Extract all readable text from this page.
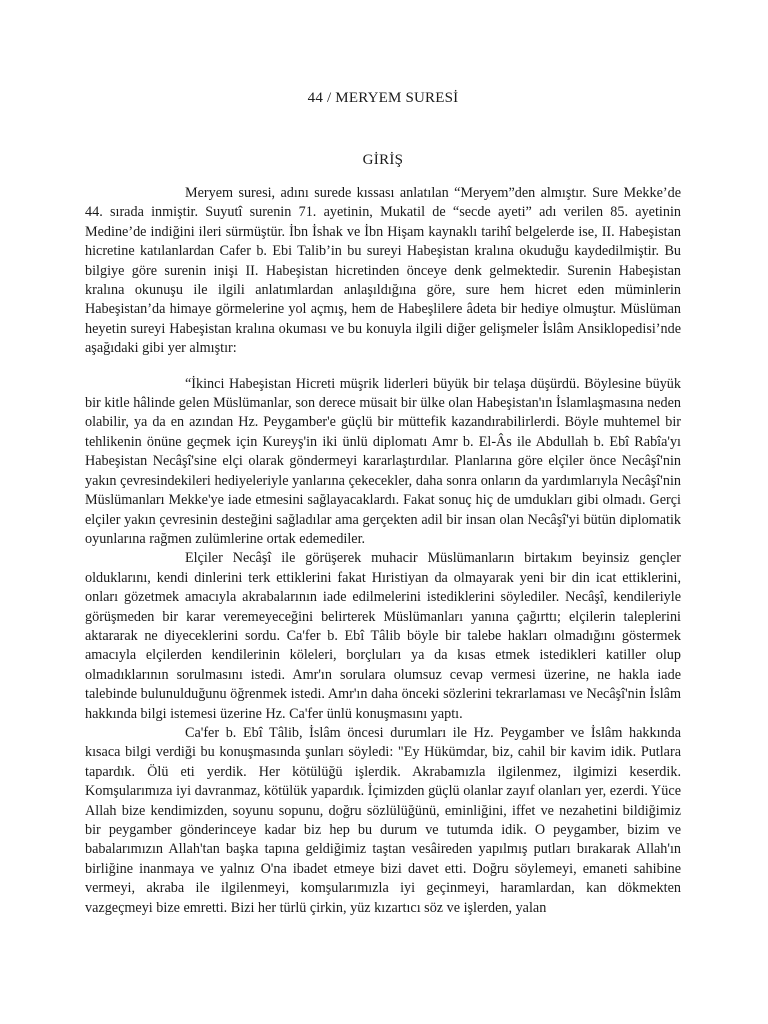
44 / MERYEM SURESİ
GİRİŞ

Meryem suresi, adını surede kıssası anlatılan “Meryem”den almıştır. Sure Mekke’de 44. sırada inmiştir. Suyutî surenin 71. ayetinin, Mukatil de “secde ayeti” adı verilen 85. ayetinin Medine’de indiğini ileri sürmüştür. İbn İshak ve İbn Hişam kaynaklı tarihî belgelerde ise, II. Habeşistan hicretine katılanlardan Cafer b. Ebi Talib’in bu sureyi Habeşistan kralına okuduğu kaydedilmiştir. Bu bilgiye göre surenin inişi II. Habeşistan hicretinden önceye denk gelmektedir. Surenin Habeşistan kralına okunuşu ile ilgili anlatımlardan anlaşıldığına göre, sure hem hicret eden müminlerin Habeşistan’da himaye görmelerine yol açmış, hem de Habeşlilere âdeta bir hediye olmuştur. Müslüman heyetin sureyi Habeşistan kralına okuması ve bu konuyla ilgili diğer gelişmeler İslâm Ansiklopedisi’nde aşağıdaki gibi yer almıştır:

“İkinci Habeşistan Hicreti müşrik liderleri büyük bir telaşa düşürdü. Böylesine büyük bir kitle hâlinde gelen Müslümanlar, son derece müsait bir ülke olan Habeşistan'ın İslamlaşmasına neden olabilir, ya da en azından Hz. Peygamber'e güçlü bir müttefik kazandırabilirlerdi. Böyle muhtemel bir tehlikenin önüne geçmek için Kureyş'in iki ünlü diplomatı Amr b. El-Âs ile Abdullah b. Ebî Rabîa'yı Habeşistan Necâşî'sine elçi olarak göndermeyi kararlaştırdılar. Planlarına göre elçiler önce Necâşî'nin yakın çevresindekileri hediyeleriyle yanlarına çekecekler, daha sonra onların da yardımlarıyla Necâşî'nin Müslümanları Mekke'ye iade etmesini sağlayacaklardı. Fakat sonuç hiç de umdukları gibi olmadı. Gerçi elçiler yakın çevresinin desteğini sağladılar ama gerçekten adil bir insan olan Necâşî'yi bütün diplomatik oyunlarına rağmen zulümlerine ortak edemediler.

Elçiler Necâşî ile görüşerek muhacir Müslümanların birtakım beyinsiz gençler olduklarını, kendi dinlerini terk ettiklerini fakat Hıristiyan da olmayarak yeni bir din icat ettiklerini, onları gözetmek amacıyla akrabalarının iade edilmelerini istediklerini söylediler. Necâşî, kendileriyle görüşmeden bir karar veremeyeceğini belirterek Müslümanları yanına çağırttı; elçilerin taleplerini aktararak ne diyeceklerini sordu. Ca'fer b. Ebî Tâlib böyle bir talebe hakları olmadığını göstermek amacıyla elçilerden kendilerinin köleleri, borçluları ya da kısas etmek istedikleri katiller olup olmadıklarının sorulmasını istedi. Amr'ın sorulara olumsuz cevap vermesi üzerine, ne hakla iade talebinde bulunulduğunu öğrenmek istedi. Amr'ın daha önceki sözlerini tekrarlaması ve Necâşî'nin İslâm hakkında bilgi istemesi üzerine Hz. Ca'fer ünlü konuşmasını yaptı.

Ca'fer b. Ebî Tâlib, İslâm öncesi durumları ile Hz. Peygamber ve İslâm hakkında kısaca bilgi verdiği bu konuşmasında şunları söyledi: "Ey Hükümdar, biz, cahil bir kavim idik. Putlara tapardık. Ölü eti yerdik. Her kötülüğü işlerdik. Akrabamızla ilgilenmez, ilgimizi keserdik. Komşularımıza iyi davranmaz, kötülük yapardık. İçimizden güçlü olanlar zayıf olanları yer, ezerdi. Yüce Allah bize kendimizden, soyunu sopunu, doğru sözlülüğünü, eminliğini, iffet ve nezahetini bildiğimiz bir peygamber gönderinceye kadar biz hep bu durum ve tutumda idik. O peygamber, bizim ve babalarımızın Allah'tan başka tapına geldiğimiz taştan vesâireden yapılmış putları bırakarak Allah'ın birliğine inanmaya ve yalnız O'na ibadet etmeye bizi davet etti. Doğru söylemeyi, emaneti sahibine vermeyi, akraba ile ilgilenmeyi, komşularımızla iyi geçinmeyi, haramlardan, kan dökmekten vazgeçmeyi bize emretti. Bizi her türlü çirkin, yüz kızartıcı söz ve işlerden, yalan
